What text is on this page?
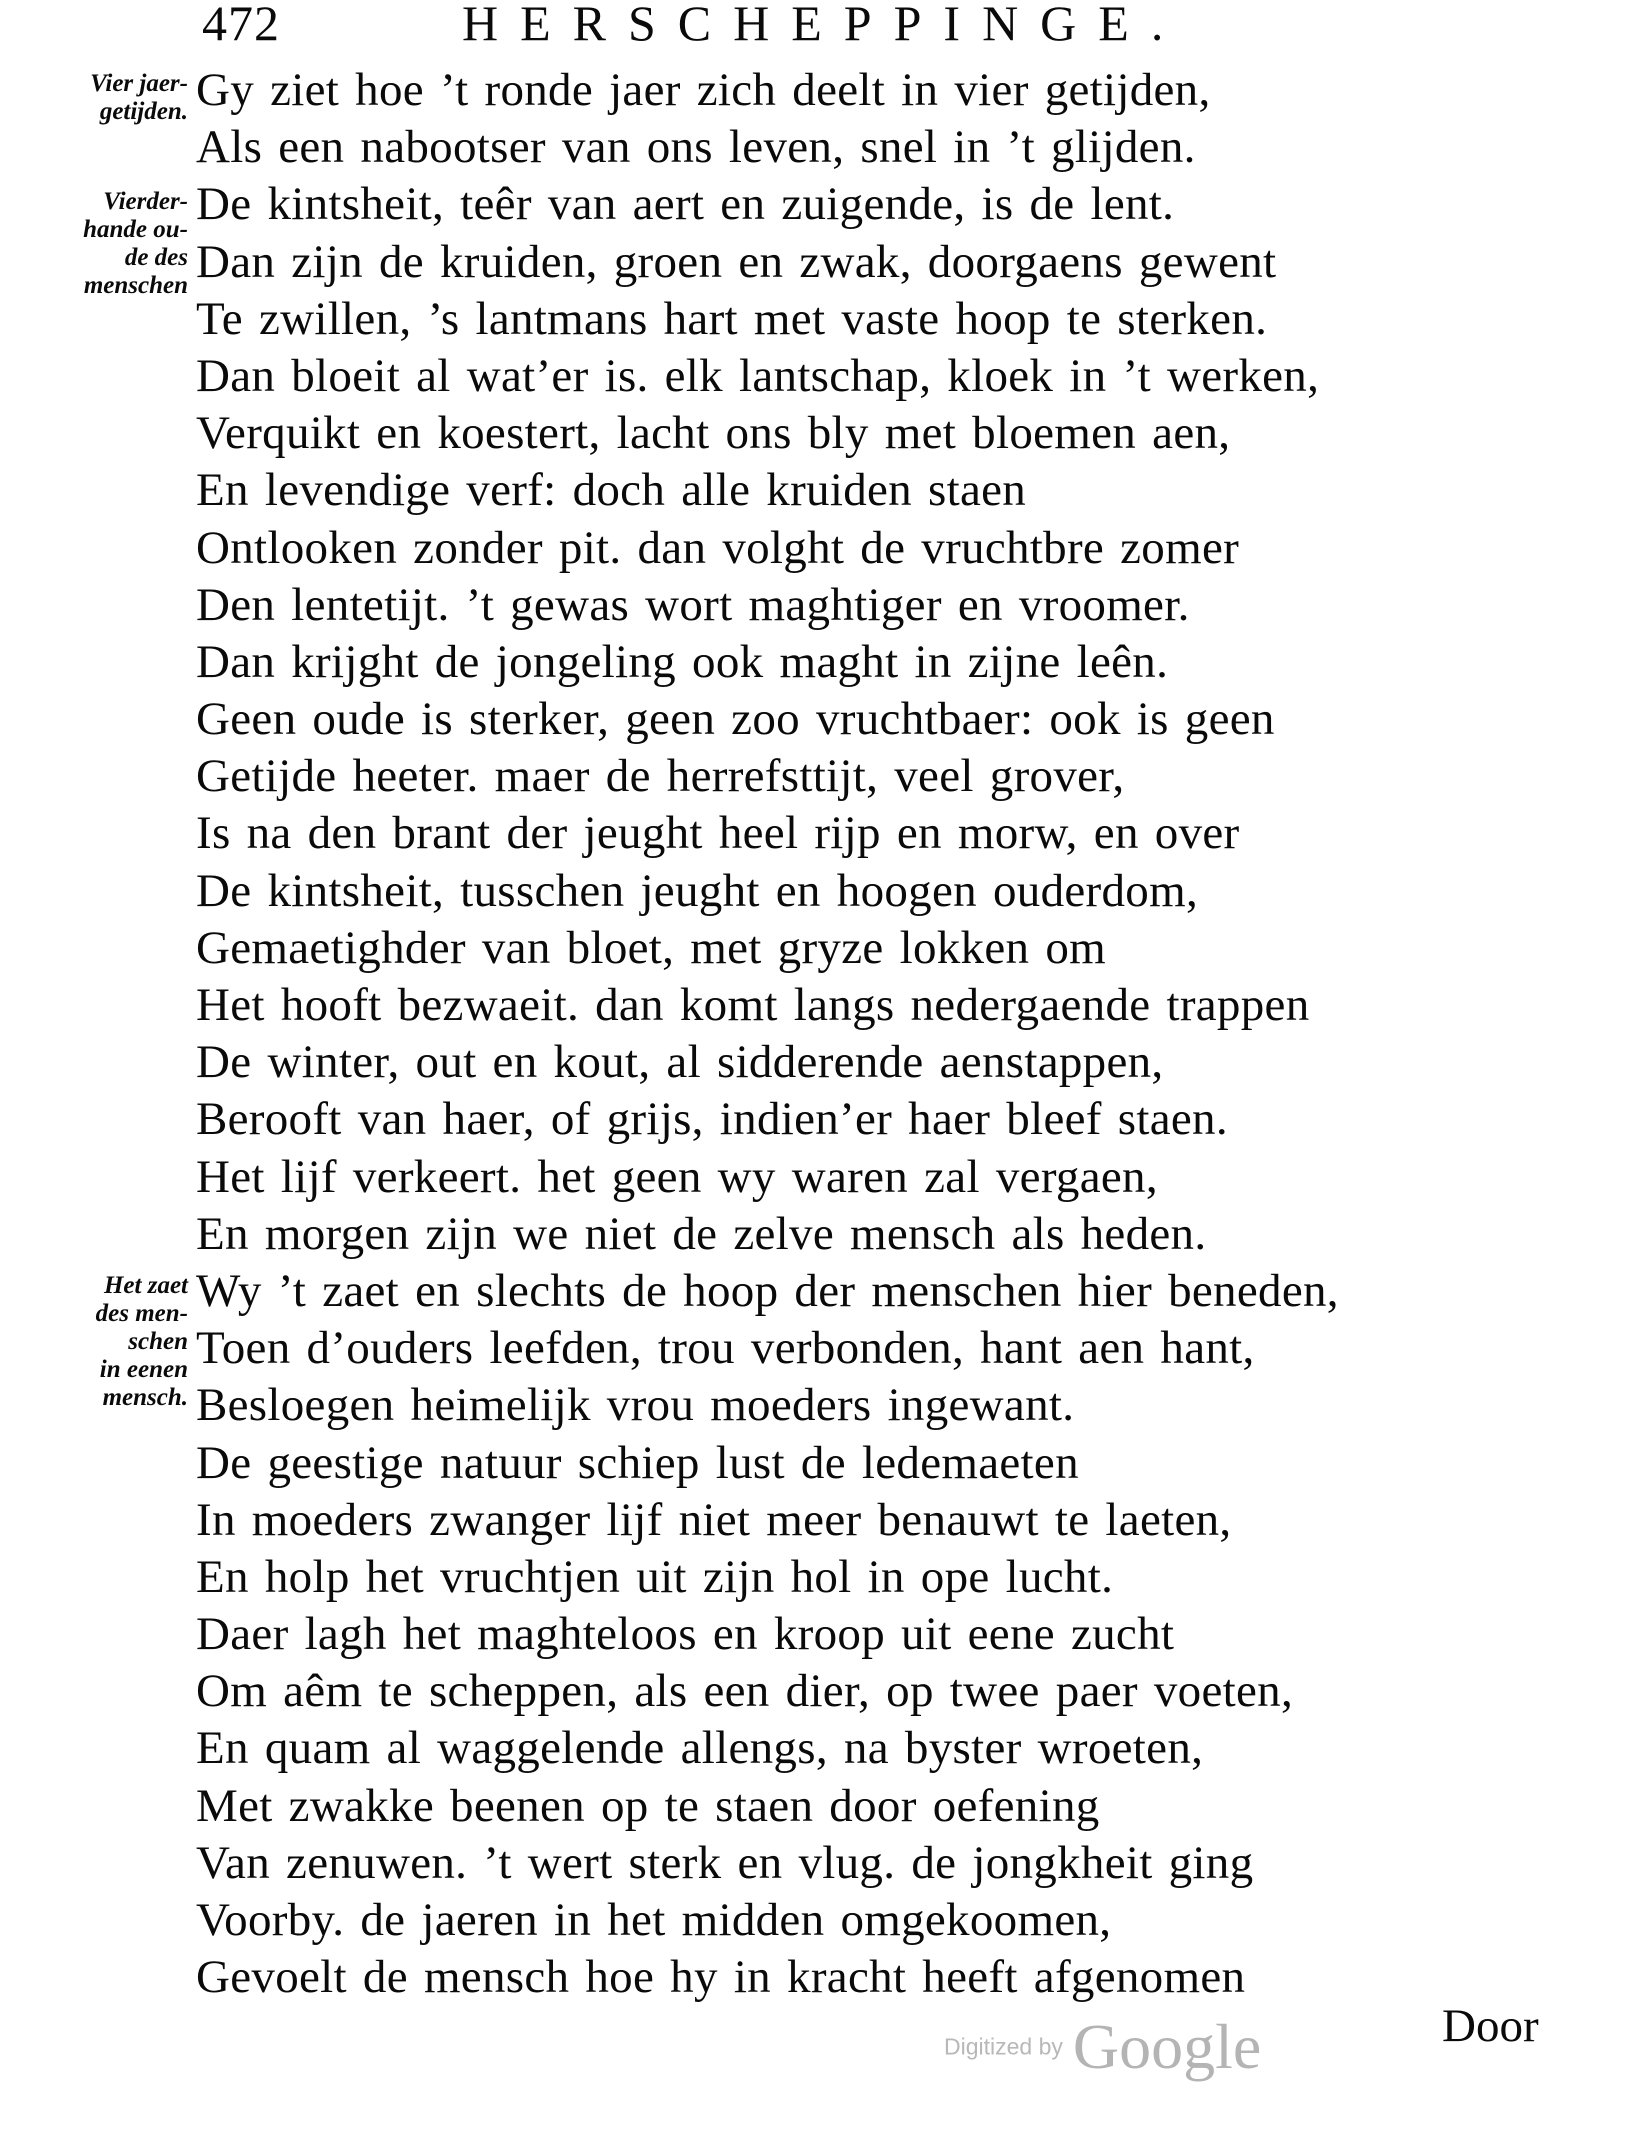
472	HERSCHEPPINGE.
Vier jaer-
getijden.
Vierder-
hande ou-
de des
menschen
Het zaet
des men-
schen
in eenen
mensch.
Gy ziet hoe ’t ronde jaer zich deelt in vier getijden,
Als een nabootser van ons leven, snel in ’t glijden.
De kintsheit, teêr van aert en zuigende, is de lent.
Dan zijn de kruiden, groen en zwak, doorgaens gewent
Te zwillen, ’s lantmans hart met vaste hoop te sterken.
Dan bloeit al wat’er is. elk lantschap, kloek in ’t werken,
Verquikt en koestert, lacht ons bly met bloemen aen,
En levendige verf: doch alle kruiden staen
Ontlooken zonder pit. dan volght de vruchtbre zomer
Den lentetijt. ’t gewas wort maghtiger en vroomer.
Dan krijght de jongeling ook maght in zijne leên.
Geen oude is sterker, geen zoo vruchtbaer: ook is geen
Getijde heeter. maer de herrefsttijt, veel grover,
Is na den brant der jeught heel rijp en morw, en over
De kintsheit, tusschen jeught en hoogen ouderdom,
Gemaetighder van bloet, met gryze lokken om
Het hooft bezwaeit. dan komt langs nedergaende trappen
De winter, out en kout, al sidderende aenstappen,
Berooft van haer, of grijs, indien’er haer bleef staen.
Het lijf verkeert. het geen wy waren zal vergaen,
En morgen zijn we niet de zelve mensch als heden.
Wy ’t zaet en slechts de hoop der menschen hier beneden,
Toen d’ouders leefden, trou verbonden, hant aen hant,
Besloegen heimelijk vrou moeders ingewant.
De geestige natuur schiep lust de ledemaeten
In moeders zwanger lijf niet meer benauwt te laeten,
En holp het vruchtjen uit zijn hol in ope lucht.
Daer lagh het maghteloos en kroop uit eene zucht
Om aêm te scheppen, als een dier, op twee paer voeten,
En quam al waggelende allengs, na byster wroeten,
Met zwakke beenen op te staen door oefening
Van zenuwen. ’t wert sterk en vlug. de jongkheit ging
Voorby. de jaeren in het midden omgekoomen,
Gevoelt de mensch hoe hy in kracht heeft afgenomen
Door
Digitized by Google
